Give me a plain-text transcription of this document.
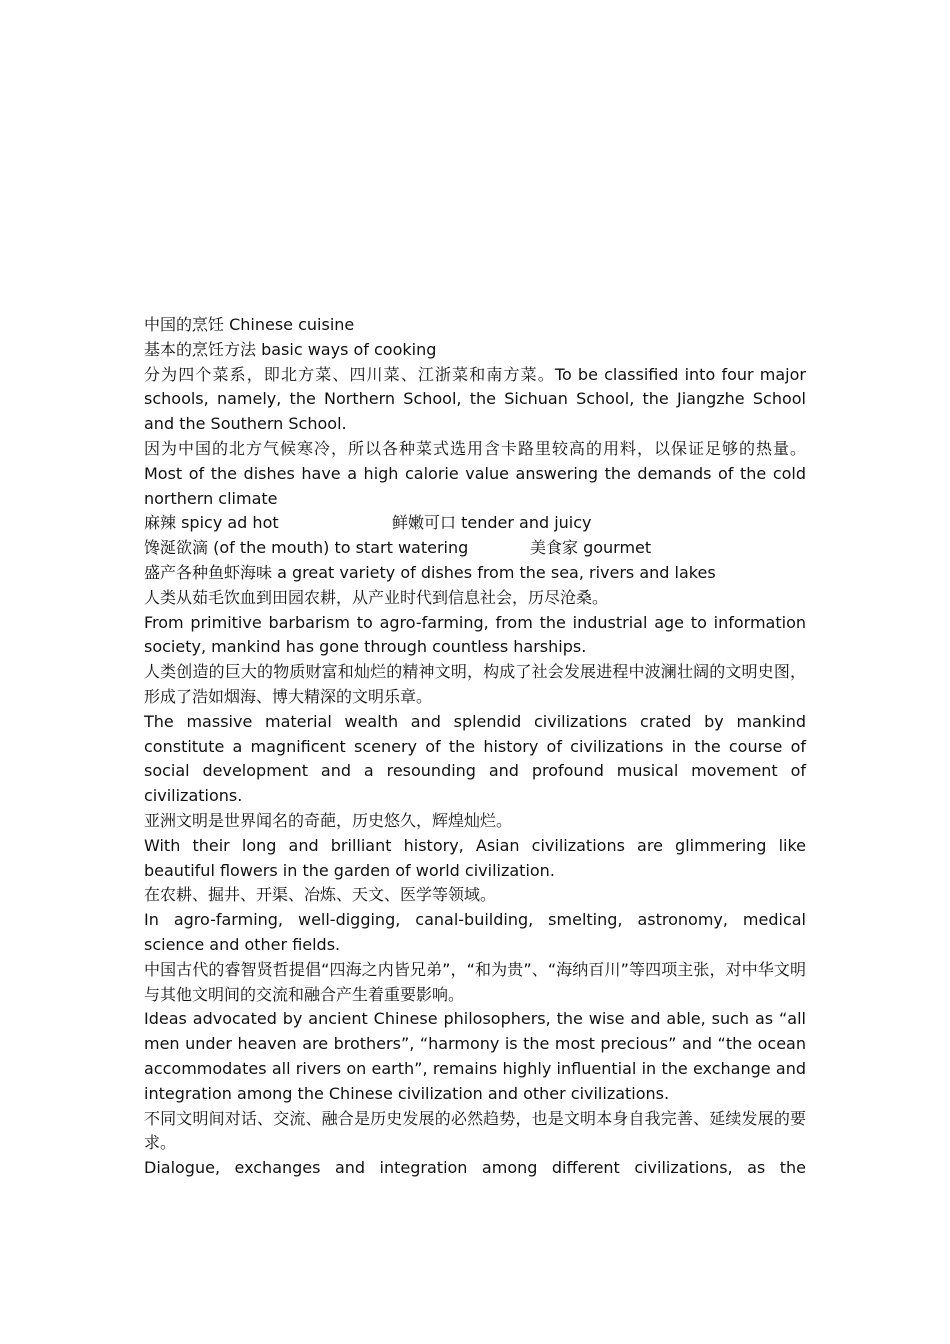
中国的烹饪 Chinese cuisine

基本的烹饪方法 basic ways of cooking

分为四个菜系，即北方菜、四川菜、江浙菜和南方菜。To be classified into four major schools, namely, the Northern School, the Sichuan School, the Jiangzhe School and the Southern School.

因为中国的北方气候寒冷，所以各种菜式选用含卡路里较高的用料，以保证足够的热量。Most of the dishes have a high calorie value answering the demands of the cold northern climate

麻辣 spicy ad hot	鲜嫩可口 tender and juicy
馋涎欲滴 (of the mouth) to start watering	美食家 gourmet

盛产各种鱼虾海味 a great variety of dishes from the sea, rivers and lakes

人类从茹毛饮血到田园农耕，从产业时代到信息社会，历尽沧桑。

From primitive barbarism to agro-farming, from the industrial age to information society, mankind has gone through countless harships.

人类创造的巨大的物质财富和灿烂的精神文明，构成了社会发展进程中波澜壮阔的文明史图，形成了浩如烟海、博大精深的文明乐章。

The massive material wealth and splendid civilizations crated by mankind constitute a magnificent scenery of the history of civilizations in the course of social development and a resounding and profound musical movement of civilizations.

亚洲文明是世界闻名的奇葩，历史悠久，辉煌灿烂。

With their long and brilliant history, Asian civilizations are glimmering like beautiful flowers in the garden of world civilization.

在农耕、掘井、开渠、冶炼、天文、医学等领域。

In agro-farming, well-digging, canal-building, smelting, astronomy, medical science and other fields.

中国古代的睿智贤哲提倡“四海之内皆兄弟”，“和为贵”、“海纳百川”等四项主张，对中华文明与其他文明间的交流和融合产生着重要影响。

Ideas advocated by ancient Chinese philosophers, the wise and able, such as “all men under heaven are brothers”, “harmony is the most precious” and “the ocean accommodates all rivers on earth”, remains highly influential in the exchange and integration among the Chinese civilization and other civilizations.

不同文明间对话、交流、融合是历史发展的必然趋势，也是文明本身自我完善、延续发展的要求。

Dialogue, exchanges and integration among different civilizations, as the
